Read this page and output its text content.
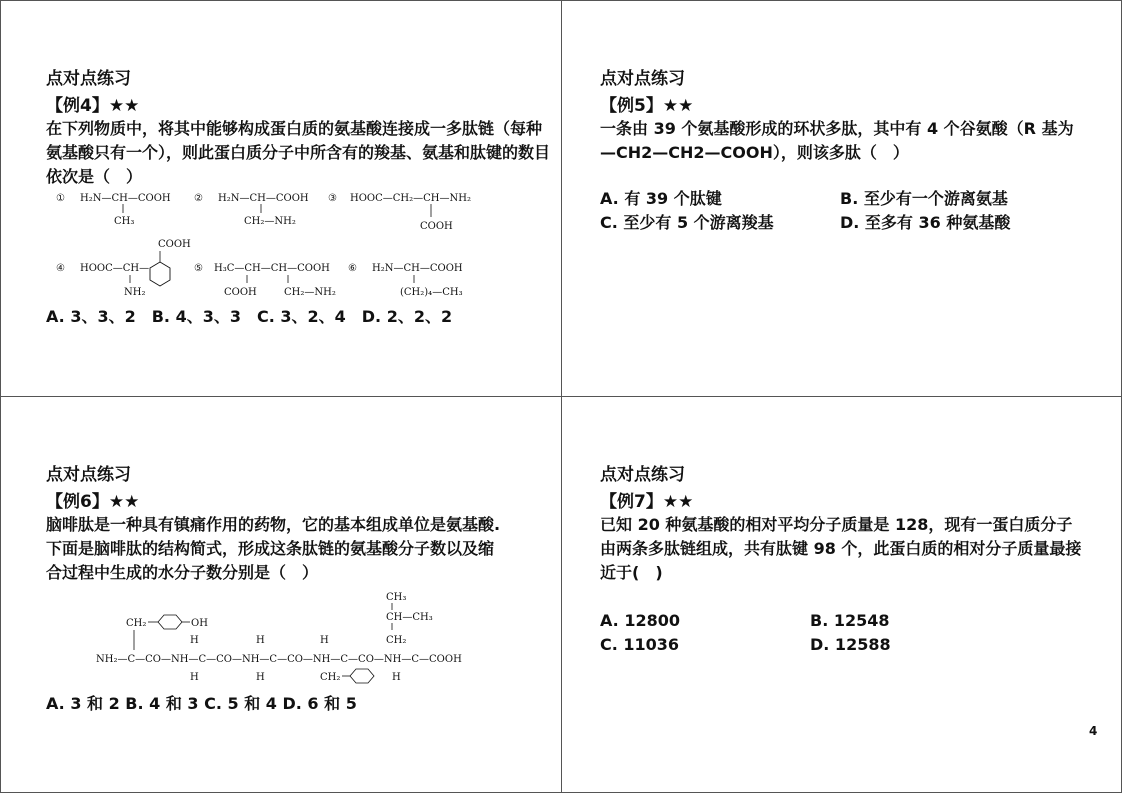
点对点练习
【例4】★★
在下列物质中，将其中能够构成蛋白质的氨基酸连接成一多肽链（每种氨基酸只有一个），则此蛋白质分子中所含有的羧基、氨基和肽键的数目依次是（　）
① H₂N—CH—COOH
CH₃
② H₂N—CH—COOH
CH₂—NH₂
③ HOOC—CH₂—CH—NH₂
COOH
④ HOOC—CH—
COOH
NH₂
⑤ H₃C—CH—CH—COOH
COOH	CH₂—NH₂
⑥ H₂N—CH—COOH
(CH₂)₄—CH₃
A. 3、3、2　B. 4、3、3　C. 3、2、4　D. 2、2、2
点对点练习
【例5】★★
一条由 39 个氨基酸形成的环状多肽，其中有 4 个谷氨酸（R 基为—CH2—CH2—COOH），则该多肽（　）
A. 有 39 个肽键	B. 至少有一个游离氨基
C. 至少有 5 个游离羧基	D. 至多有 36 种氨基酸
点对点练习
【例6】★★
脑啡肽是一种具有镇痛作用的药物，它的基本组成单位是氨基酸.下面是脑啡肽的结构简式，形成这条肽链的氨基酸分子数以及缩合过程中生成的水分子数分别是（　）
CH₂	OH
H	H	H
CH₃
CH—CH₃
CH₂
NH₂—C—CO—NH—C—CO—NH—C—CO—NH—C—CO—NH—C—COOH
H	H	H
CH₂
A. 3 和 2 B. 4 和 3 C. 5 和 4 D. 6 和 5
点对点练习
【例7】★★
已知 20 种氨基酸的相对平均分子质量是 128，现有一蛋白质分子由两条多肽链组成，共有肽键 98 个，此蛋白质的相对分子质量最接近于(　)
A. 12800	B. 12548
C. 11036	D. 12588
4
